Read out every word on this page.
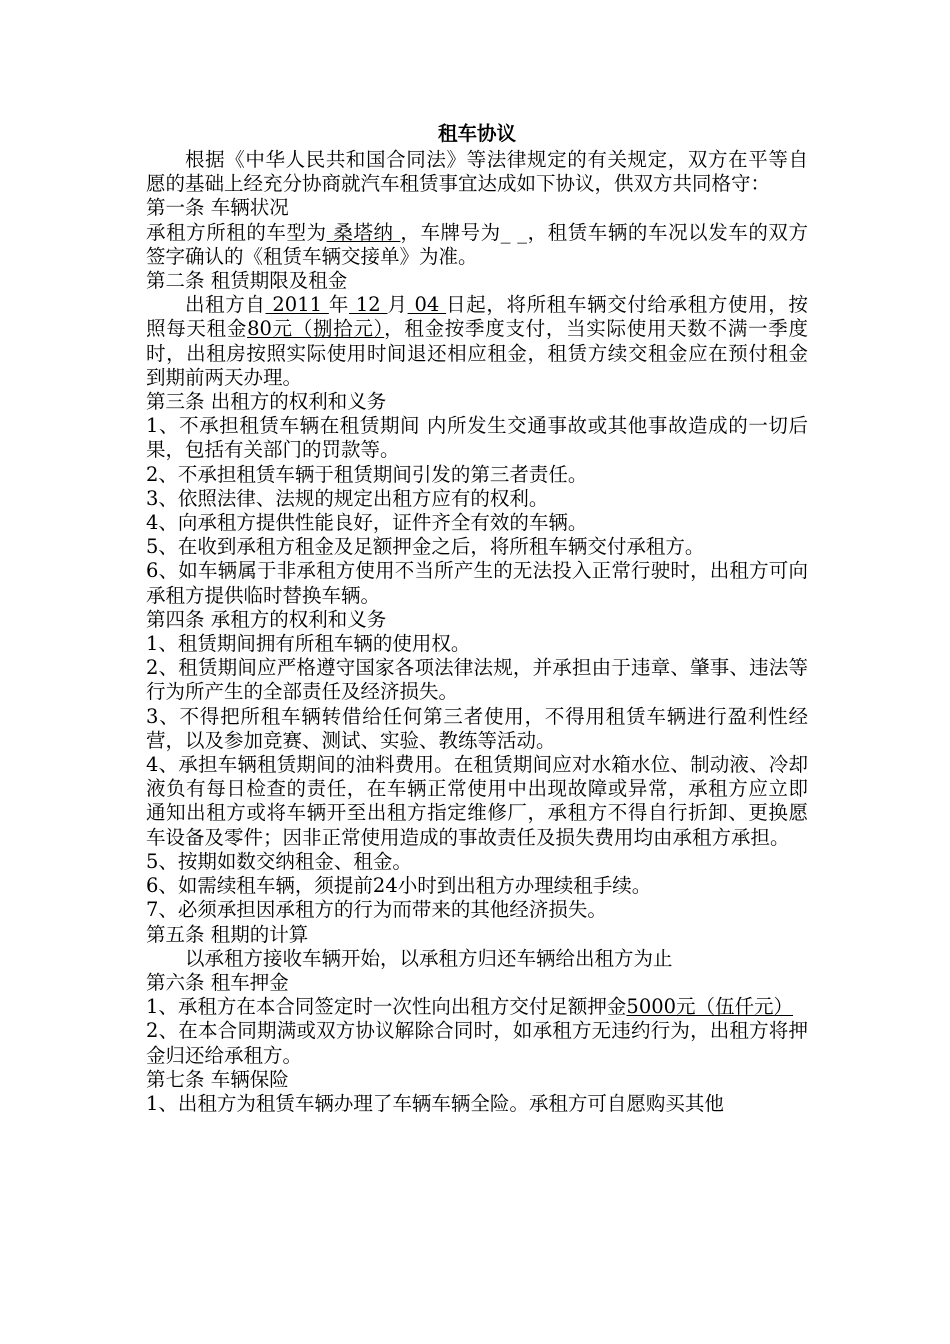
租车协议

根据《中华人民共和国合同法》等法律规定的有关规定，双方在平等自愿的基础上经充分协商就汽车租赁事宜达成如下协议，供双方共同格守：

第一条 车辆状况

承租方所租的车型为 桑塔纳 ，车牌号为_ _，租赁车辆的车况以发车的双方签字确认的《租赁车辆交接单》为准。

第二条 租赁期限及租金

出租方自 2011 年 12 月 04 日起，将所租车辆交付给承租方使用，按照每天租金80元（捌拾元），租金按季度支付，当实际使用天数不满一季度时，出租房按照实际使用时间退还相应租金，租赁方续交租金应在预付租金到期前两天办理。

第三条 出租方的权利和义务

1、不承担租赁车辆在租赁期间 内所发生交通事故或其他事故造成的一切后果，包括有关部门的罚款等。

2、不承担租赁车辆于租赁期间引发的第三者责任。

3、依照法律、法规的规定出租方应有的权利。

4、向承租方提供性能良好，证件齐全有效的车辆。

5、在收到承租方租金及足额押金之后，将所租车辆交付承租方。

6、如车辆属于非承租方使用不当所产生的无法投入正常行驶时，出租方可向承租方提供临时替换车辆。

第四条 承租方的权利和义务

1、租赁期间拥有所租车辆的使用权。

2、租赁期间应严格遵守国家各项法律法规，并承担由于违章、肇事、违法等行为所产生的全部责任及经济损失。

3、不得把所租车辆转借给任何第三者使用，不得用租赁车辆进行盈利性经营，以及参加竞赛、测试、实验、教练等活动。

4、承担车辆租赁期间的油料费用。在租赁期间应对水箱水位、制动液、冷却液负有每日检查的责任，在车辆正常使用中出现故障或异常，承租方应立即通知出租方或将车辆开至出租方指定维修厂，承租方不得自行折卸、更换愿车设备及零件；因非正常使用造成的事故责任及损失费用均由承租方承担。

5、按期如数交纳租金、租金。

6、如需续租车辆，须提前24小时到出租方办理续租手续。

7、必须承担因承租方的行为而带来的其他经济损失。

第五条 租期的计算

以承租方接收车辆开始，以承租方归还车辆给出租方为止

第六条 租车押金

1、承租方在本合同签定时一次性向出租方交付足额押金5000元（伍仟元）

2、在本合同期满或双方协议解除合同时，如承租方无违约行为，出租方将押金归还给承租方。

第七条 车辆保险

1、出租方为租赁车辆办理了车辆车辆全险。承租方可自愿购买其他
